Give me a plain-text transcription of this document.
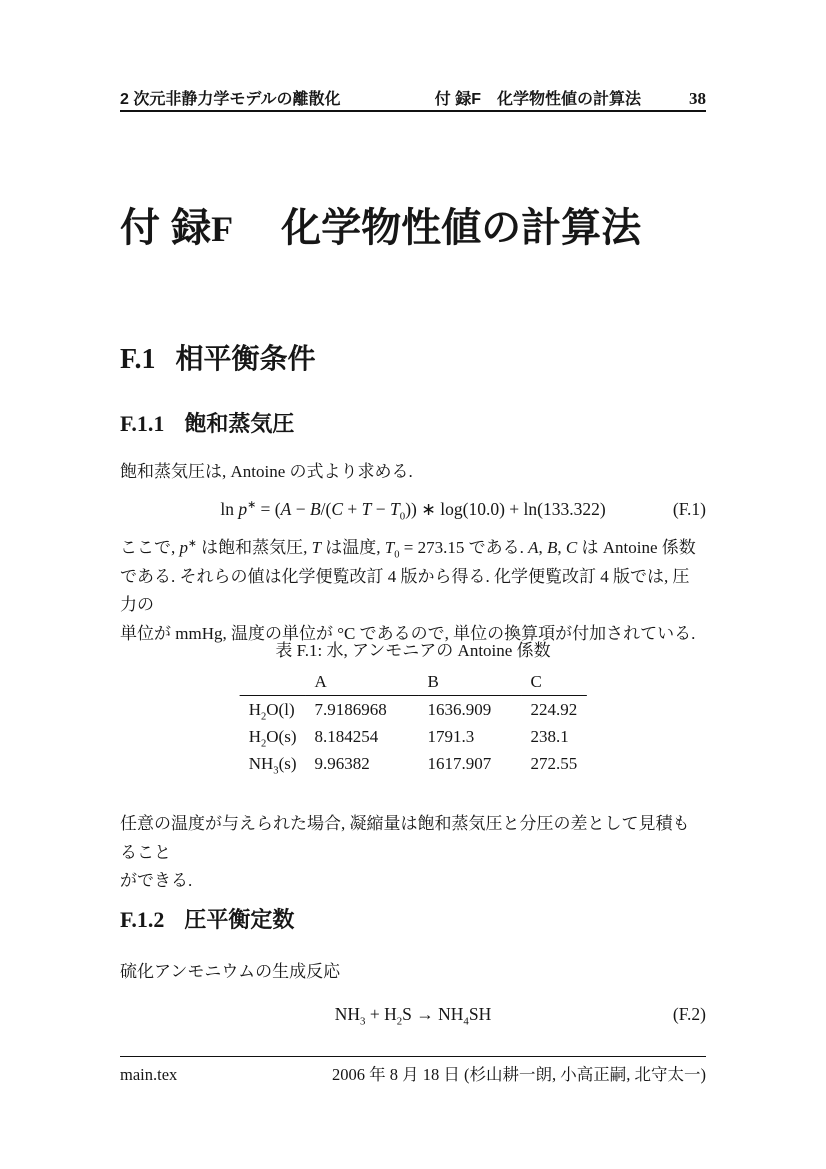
2 次元非静力学モデルの離散化	付 録F 化学物性値の計算法	38
付 録F 化学物性値の計算法
F.1 相平衡条件
F.1.1 飽和蒸気圧
飽和蒸気圧は, Antoine の式より求める.
$\ln p^∗ = (A - B/(C + T - T_0))$ ∗ log(10.0) + ln(133.322)	(F.1)
ここで, p∗ は飽和蒸気圧, T は温度, $T_0 = 273.15$ である. A, B, C は Antoine 係数
である. それらの値は化学便覧改訂 4 版から得る. 化学便覧改訂 4 版では, 圧力の
単位が mmHg, 温度の単位が °C であるので, 単位の換算項が付加されている.
表 F.1: 水, アンモニアの Antoine 係数
	A	B	C
$H_2O(l)$	7.9186968	1636.909	224.92
$H_2O(s)$	8.184254	1791.3	238.1
$NH_3(s)$	9.96382	1617.907	272.55
任意の温度が与えられた場合, 凝縮量は飽和蒸気圧と分圧の差として見積もること
ができる.
F.1.2 圧平衡定数
硫化アンモニウムの生成反応
$NH_3 + H_2S \to NH_4SH$	(F.2)
main.tex	2006 年 8 月 18 日 (杉山耕一朗, 小高正嗣, 北守太一)
